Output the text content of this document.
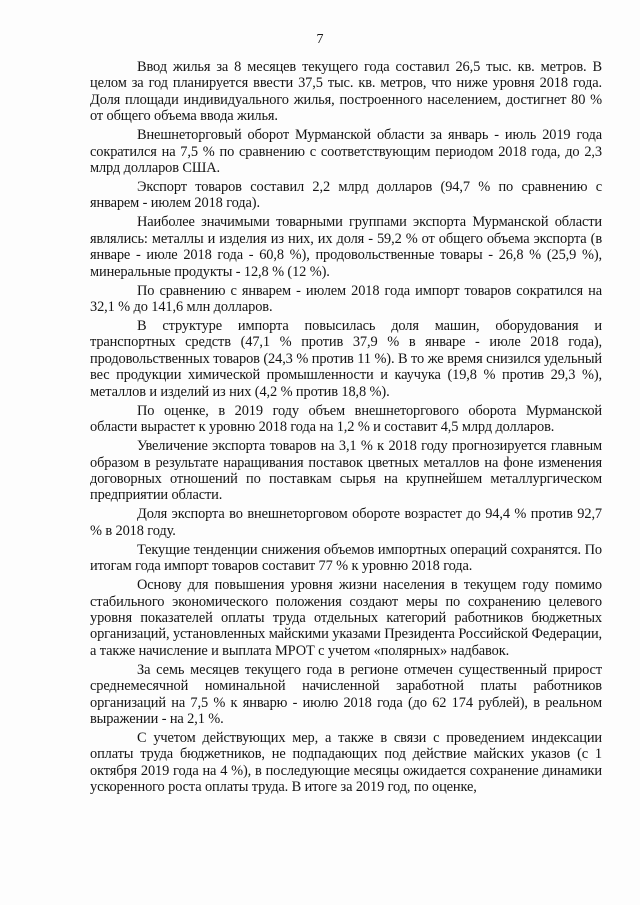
7

Ввод жилья за 8 месяцев текущего года составил 26,5 тыс. кв. метров. В целом за год планируется ввести 37,5 тыс. кв. метров, что ниже уровня 2018 года. Доля площади индивидуального жилья, построенного населением, достигнет 80 % от общего объема ввода жилья.

Внешнеторговый оборот Мурманской области за январь - июль 2019 года сократился на 7,5 % по сравнению с соответствующим периодом 2018 года, до 2,3 млрд долларов США.

Экспорт товаров составил 2,2 млрд долларов (94,7 % по сравнению с январем - июлем 2018 года).

Наиболее значимыми товарными группами экспорта Мурманской области являлись: металлы и изделия из них, их доля - 59,2 % от общего объема экспорта (в январе - июле 2018 года - 60,8 %), продовольственные товары - 26,8 % (25,9 %), минеральные продукты - 12,8 % (12 %).

По сравнению с январем - июлем 2018 года импорт товаров сократился на 32,1 % до 141,6 млн долларов.

В структуре импорта повысилась доля машин, оборудования и транспортных средств (47,1 % против 37,9 % в январе - июле 2018 года), продовольственных товаров (24,3 % против 11 %). В то же время снизился удельный вес продукции химической промышленности и каучука (19,8 % против 29,3 %), металлов и изделий из них (4,2 % против 18,8 %).

По оценке, в 2019 году объем внешнеторгового оборота Мурманской области вырастет к уровню 2018 года на 1,2 % и составит 4,5 млрд долларов.

Увеличение экспорта товаров на 3,1 % к 2018 году прогнозируется главным образом в результате наращивания поставок цветных металлов на фоне изменения договорных отношений по поставкам сырья на крупнейшем металлургическом предприятии области.

Доля экспорта во внешнеторговом обороте возрастет до 94,4 % против 92,7 % в 2018 году.

Текущие тенденции снижения объемов импортных операций сохранятся. По итогам года импорт товаров составит 77 % к уровню 2018 года.

Основу для повышения уровня жизни населения в текущем году помимо стабильного экономического положения создают меры по сохранению целевого уровня показателей оплаты труда отдельных категорий работников бюджетных организаций, установленных майскими указами Президента Российской Федерации, а также начисление и выплата МРОТ с учетом «полярных» надбавок.

За семь месяцев текущего года в регионе отмечен существенный прирост среднемесячной номинальной начисленной заработной платы работников организаций на 7,5 % к январю - июлю 2018 года (до 62 174 рублей), в реальном выражении - на 2,1 %.

С учетом действующих мер, а также в связи с проведением индексации оплаты труда бюджетников, не подпадающих под действие майских указов (с 1 октября 2019 года на 4 %), в последующие месяцы ожидается сохранение динамики ускоренного роста оплаты труда. В итоге за 2019 год, по оценке,
